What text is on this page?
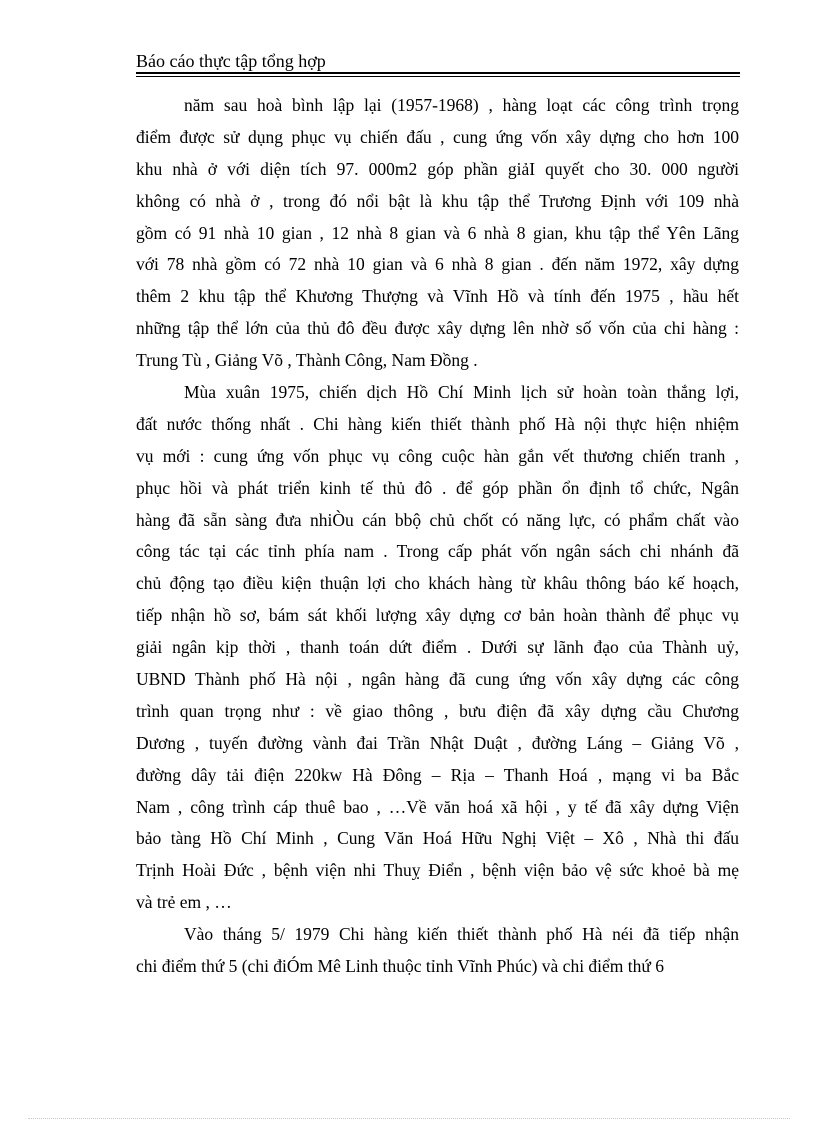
Báo cáo thực tập tổng hợp
năm sau hoà bình lập lại (1957-1968) , hàng loạt các công trình trọng
điểm được sử dụng phục vụ chiến đấu , cung ứng vốn xây dựng cho hơn 100
khu nhà ở với diện tích 97. 000m2 góp phần giảI quyết cho 30. 000 người
không có nhà ở , trong đó nổi bật là khu tập thể Trương Định với 109 nhà
gồm có 91 nhà 10 gian , 12 nhà 8 gian và 6 nhà 8 gian, khu tập thể Yên Lãng
với 78 nhà gồm có 72 nhà 10 gian và 6 nhà 8 gian . đến năm 1972, xây dựng
thêm 2 khu tập thể Khương Thượng và Vĩnh Hồ và tính đến 1975 , hầu hết
những tập thể lớn của thủ đô đều được xây dựng lên nhờ số vốn của chi hàng :
Trung Tù , Giảng Võ , Thành Công, Nam Đồng .
Mùa xuân 1975, chiến dịch Hồ Chí Minh lịch sử hoàn toàn thắng lợi,
đất nước thống nhất . Chi hàng kiến thiết thành phố Hà nội thực hiện nhiệm
vụ mới : cung ứng vốn phục vụ công cuộc hàn gắn vết thương chiến tranh ,
phục hồi và phát triển kinh tế thủ đô . để góp phần ổn định tổ chức, Ngân
hàng đã sẵn sàng đưa nhiÒu cán bbộ chủ chốt có năng lực, có phẩm chất vào
công tác tại các tỉnh phía nam . Trong cấp phát vốn ngân sách chi nhánh đã
chủ động tạo điều kiện thuận lợi cho khách hàng từ khâu thông báo kế hoạch,
tiếp nhận hồ sơ, bám sát khối lượng xây dựng cơ bản hoàn thành để phục vụ
giải ngân kịp thời , thanh toán dứt điểm . Dưới sự lãnh đạo của Thành uỷ,
UBND Thành phố Hà nội , ngân hàng đã cung ứng vốn xây dựng các công
trình quan trọng như : về giao thông , bưu điện đã xây dựng cầu Chương
Dương , tuyến đường vành đai Trần Nhật Duật , đường Láng – Giảng Võ ,
đường dây tải điện 220kw Hà Đông – Rịa – Thanh Hoá , mạng vi ba Bắc
Nam , công trình cáp thuê bao , …Về văn hoá xã hội , y tế đã xây dựng Viện
bảo tàng Hồ Chí Minh , Cung Văn Hoá Hữu Nghị Việt – Xô , Nhà thi đấu
Trịnh Hoài Đức , bệnh viện nhi Thuỵ Điển , bệnh viện bảo vệ sức khoẻ bà mẹ
và trẻ em , …
Vào tháng 5/ 1979 Chi hàng kiến thiết thành phố Hà néi đã tiếp nhận
chi điểm thứ 5 (chi điÓm Mê Linh thuộc tỉnh Vĩnh Phúc) và chi điểm thứ 6
